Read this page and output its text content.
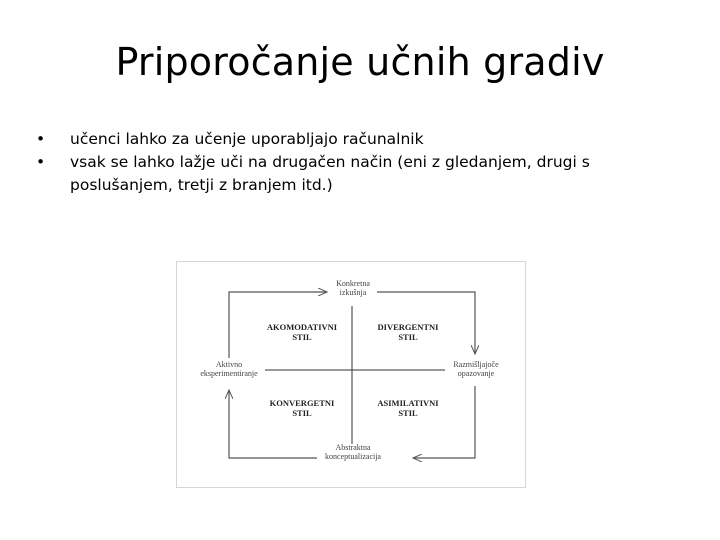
Priporočanje učnih gradiv
• učenci lahko za učenje uporabljajo računalnik
• vsak se lahko lažje uči na drugačen način (eni z gledanjem, drugi s poslušanjem, tretji z branjem itd.)
Konkretna
izkušnja
Aktivno
eksperimentiranje
Razmišljajoče
opazovanje
Abstraktna
konceptualizacija
AKOMODATIVNI
STIL
DIVERGENTNI
STIL
KONVERGETNI
STIL
ASIMILATIVNI
STIL
